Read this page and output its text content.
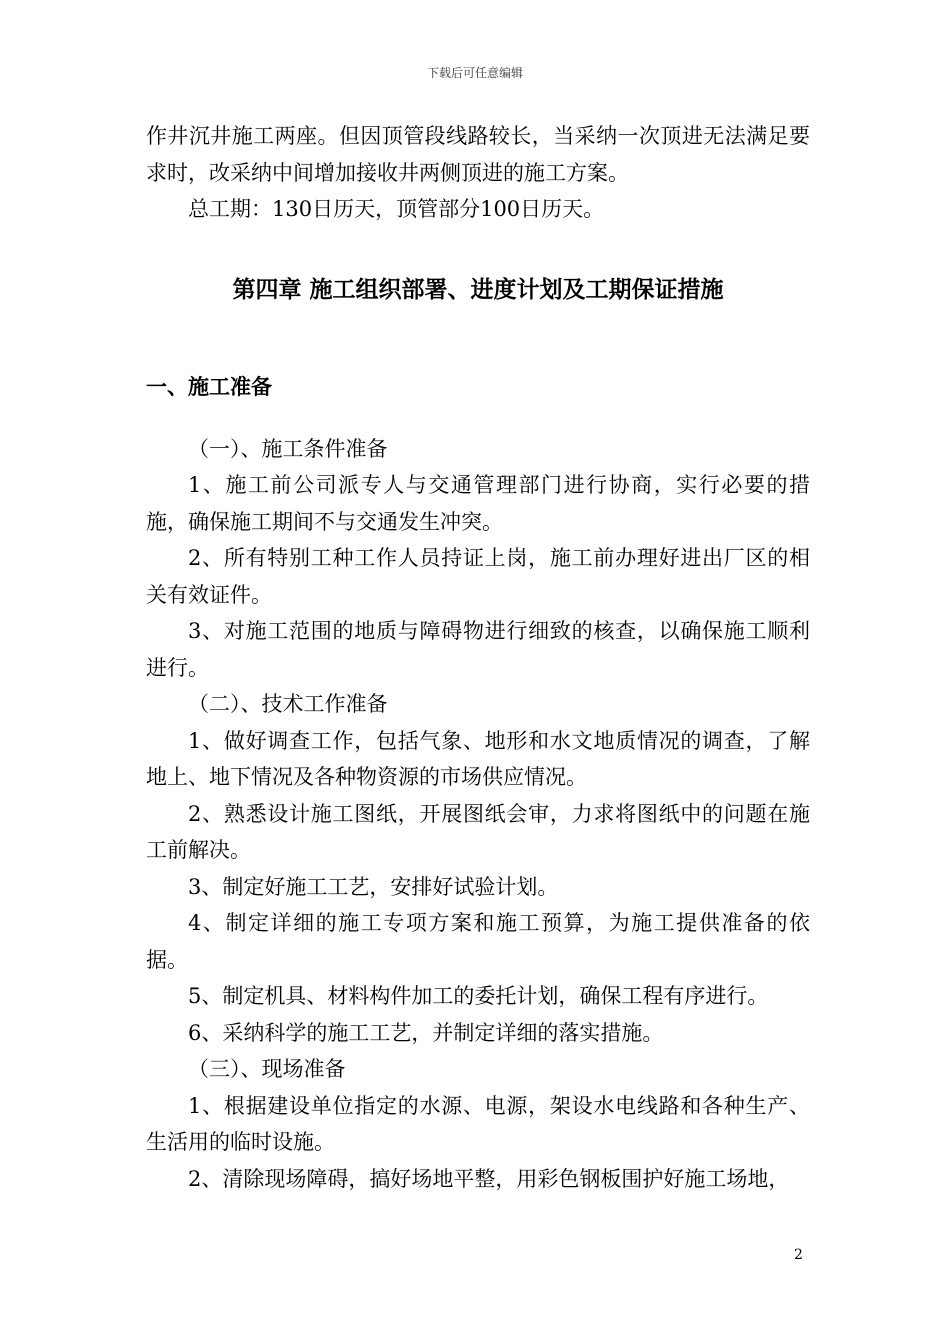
下载后可任意编辑

作井沉井施工两座。但因顶管段线路较长，当采纳一次顶进无法满足要求时，改采纳中间增加接收井两侧顶进的施工方案。

总工期：130日历天，顶管部分100日历天。

第四章 施工组织部署、进度计划及工期保证措施
一、施工准备

（一）、施工条件准备

1、施工前公司派专人与交通管理部门进行协商，实行必要的措施，确保施工期间不与交通发生冲突。

2、所有特别工种工作人员持证上岗，施工前办理好进出厂区的相关有效证件。

3、对施工范围的地质与障碍物进行细致的核查，以确保施工顺利进行。

（二）、技术工作准备

1、做好调查工作，包括气象、地形和水文地质情况的调查，了解地上、地下情况及各种物资源的市场供应情况。

2、熟悉设计施工图纸，开展图纸会审，力求将图纸中的问题在施工前解决。

3、制定好施工工艺，安排好试验计划。

4、制定详细的施工专项方案和施工预算，为施工提供准备的依据。

5、制定机具、材料构件加工的委托计划，确保工程有序进行。

6、采纳科学的施工工艺，并制定详细的落实措施。

（三）、现场准备

1、根据建设单位指定的水源、电源，架设水电线路和各种生产、生活用的临时设施。

2、清除现场障碍，搞好场地平整，用彩色钢板围护好施工场地，

2
